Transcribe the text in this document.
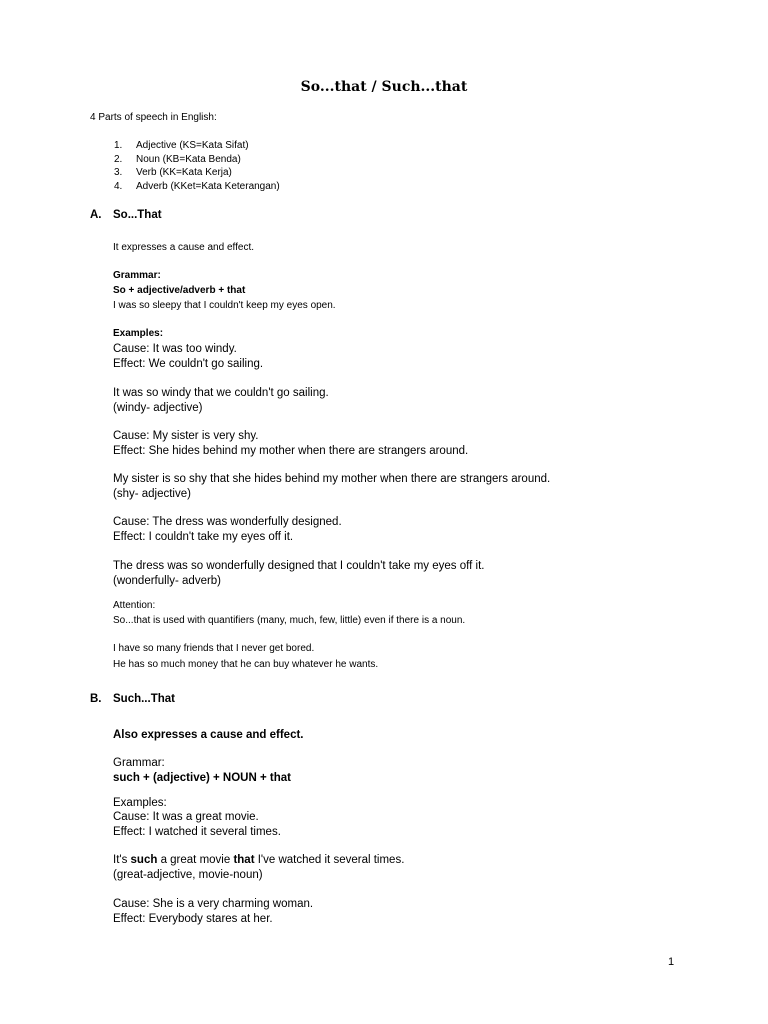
So...that / Such...that
4 Parts of speech in English:
1. Adjective (KS=Kata Sifat)
2. Noun (KB=Kata Benda)
3. Verb (KK=Kata Kerja)
4. Adverb (KKet=Kata Keterangan)
A. So...That
It expresses a cause and effect.
Grammar:
So + adjective/adverb + that
I was so sleepy that I couldn't keep my eyes open.
Examples:
Cause: It was too windy.
Effect: We couldn't go sailing.
It was so windy that we couldn't go sailing.
(windy- adjective)
Cause: My sister is very shy.
Effect: She hides behind my mother when there are strangers around.
My sister is so shy that she hides behind my mother when there are strangers around.
(shy- adjective)
Cause: The dress was wonderfully designed.
Effect: I couldn't take my eyes off it.
The dress was so wonderfully designed that I couldn't take my eyes off it.
(wonderfully- adverb)
Attention:
So...that is used with quantifiers (many, much, few, little) even if there is a noun.
I have so many friends that I never get bored.
He has so much money that he can buy whatever he wants.
B. Such...That
Also expresses a cause and effect.
Grammar:
such + (adjective) + NOUN + that
Examples:
Cause: It was a great movie.
Effect: I watched it several times.
It's such a great movie that I've watched it several times.
(great-adjective, movie-noun)
Cause: She is a very charming woman.
Effect: Everybody stares at her.
1
